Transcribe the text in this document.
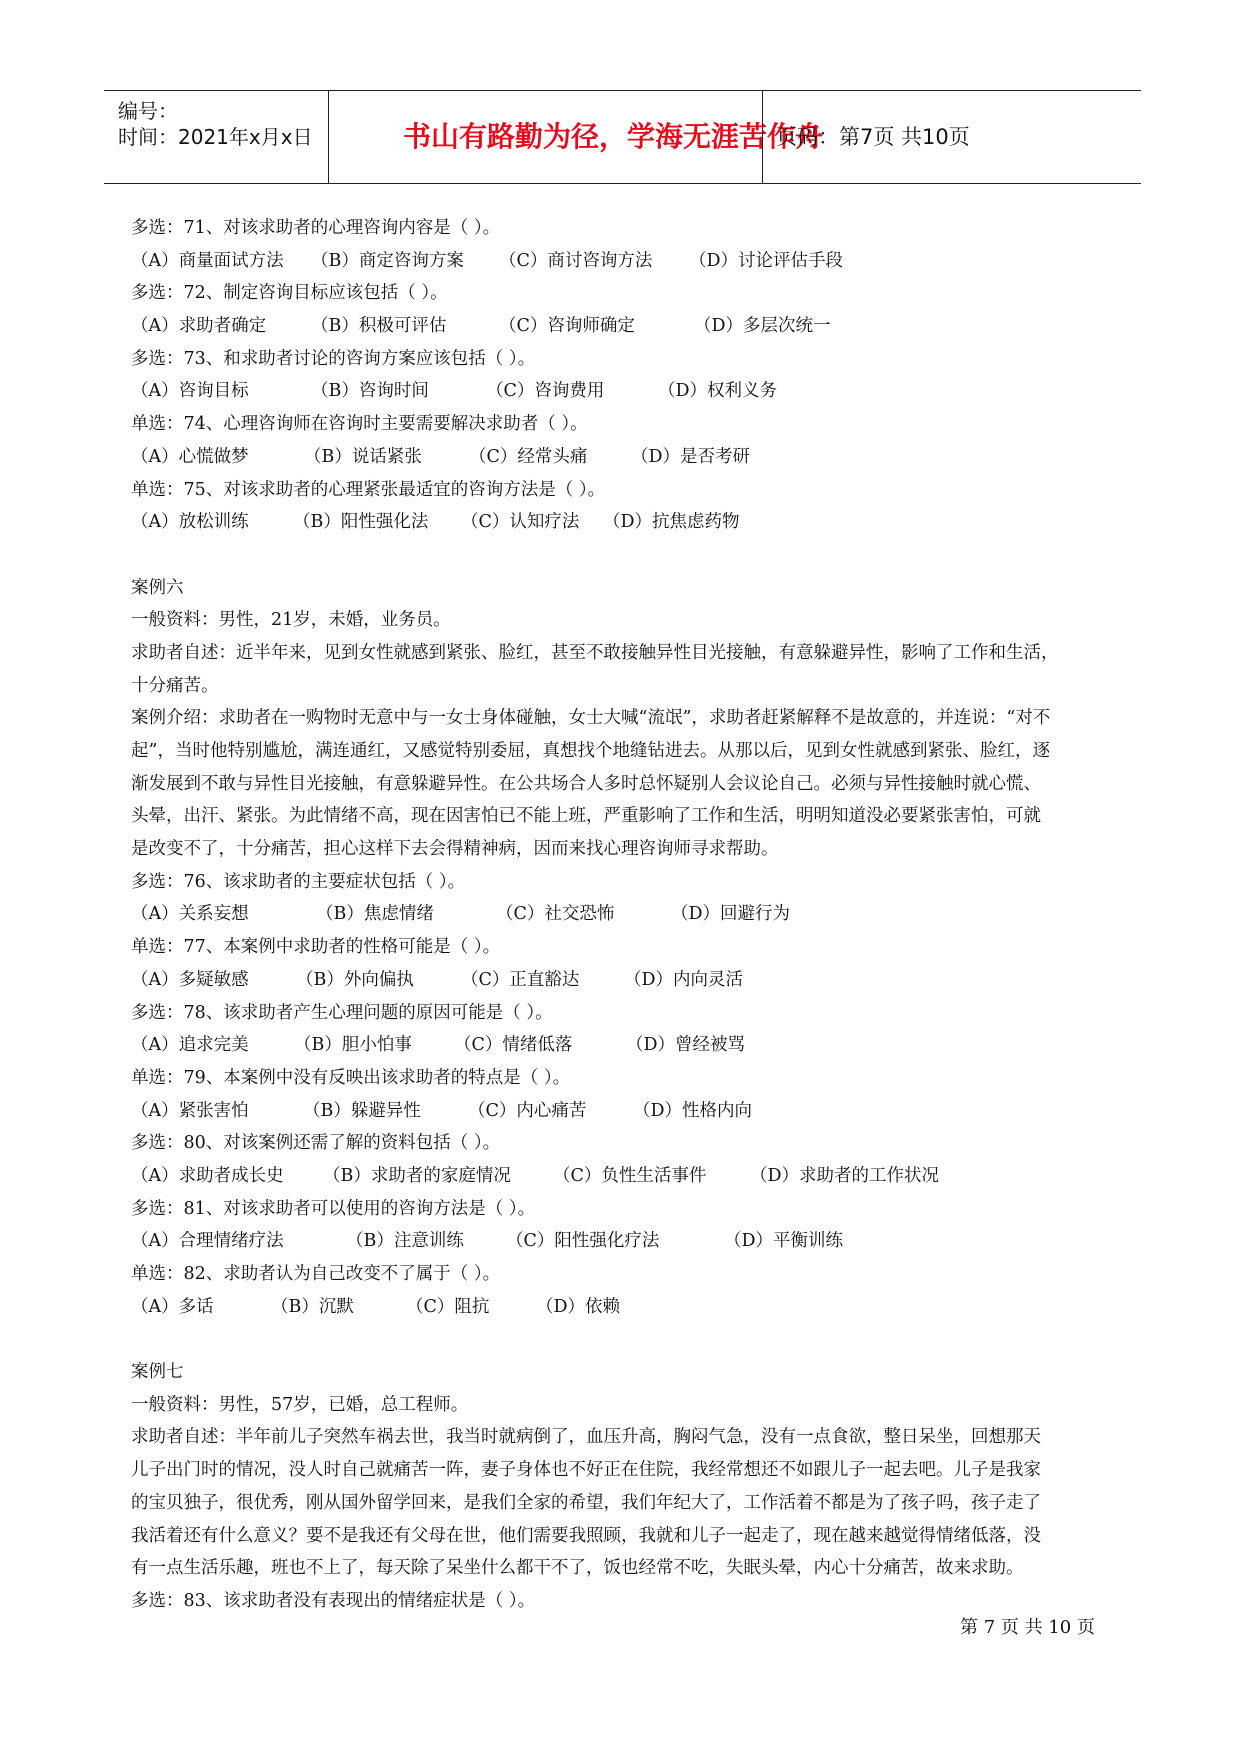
编号：
时间：2021年x月x日	书山有路勤为径，学海无涯苦作舟
页码：第7页 共10页
多选：71、对该求助者的心理咨询内容是（ ）。
（A）商量面试方法	（B）商定咨询方案	（C）商讨咨询方法	（D）讨论评估手段
多选：72、制定咨询目标应该包括（ ）。
（A）求助者确定	（B）积极可评估	（C）咨询师确定	（D）多层次统一
多选：73、和求助者讨论的咨询方案应该包括（ ）。
（A）咨询目标	（B）咨询时间	（C）咨询费用	（D）权利义务
单选：74、心理咨询师在咨询时主要需要解决求助者（ ）。
（A）心慌做梦	（B）说话紧张	（C）经常头痛	（D）是否考研
单选：75、对该求助者的心理紧张最适宜的咨询方法是（ ）。
（A）放松训练	（B）阳性强化法	（C）认知疗法	（D）抗焦虑药物
案例六
一般资料：男性，21岁，未婚，业务员。
求助者自述：近半年来，见到女性就感到紧张、脸红，甚至不敢接触异性目光接触，有意躲避异性，影响了工作和生活，
十分痛苦。
案例介绍：求助者在一购物时无意中与一女士身体碰触，女士大喊“流氓”，求助者赶紧解释不是故意的，并连说：“对不
起”，当时他特别尴尬，满连通红，又感觉特别委屈，真想找个地缝钻进去。从那以后，见到女性就感到紧张、脸红，逐
渐发展到不敢与异性目光接触，有意躲避异性。在公共场合人多时总怀疑别人会议论自己。必须与异性接触时就心慌、
头晕，出汗、紧张。为此情绪不高，现在因害怕已不能上班，严重影响了工作和生活，明明知道没必要紧张害怕，可就
是改变不了，十分痛苦，担心这样下去会得精神病，因而来找心理咨询师寻求帮助。
多选：76、该求助者的主要症状包括（ ）。
（A）关系妄想	（B）焦虑情绪	（C）社交恐怖	（D）回避行为
单选：77、本案例中求助者的性格可能是（ ）。
（A）多疑敏感	（B）外向偏执	（C）正直豁达	（D）内向灵活
多选：78、该求助者产生心理问题的原因可能是（ ）。
（A）追求完美	（B）胆小怕事	（C）情绪低落	（D）曾经被骂
单选：79、本案例中没有反映出该求助者的特点是（ ）。
（A）紧张害怕	（B）躲避异性	（C）内心痛苦	（D）性格内向
多选：80、对该案例还需了解的资料包括（ ）。
（A）求助者成长史	（B）求助者的家庭情况	（C）负性生活事件	（D）求助者的工作状况
多选：81、对该求助者可以使用的咨询方法是（ ）。
（A）合理情绪疗法	（B）注意训练	（C）阳性强化疗法	（D）平衡训练
单选：82、求助者认为自己改变不了属于（ ）。
（A）多话	（B）沉默	（C）阻抗	（D）依赖
案例七
一般资料：男性，57岁，已婚，总工程师。
求助者自述：半年前儿子突然车祸去世，我当时就病倒了，血压升高，胸闷气急，没有一点食欲，整日呆坐，回想那天
儿子出门时的情况，没人时自己就痛苦一阵，妻子身体也不好正在住院，我经常想还不如跟儿子一起去吧。儿子是我家
的宝贝独子，很优秀，刚从国外留学回来，是我们全家的希望，我们年纪大了，工作活着不都是为了孩子吗，孩子走了
我活着还有什么意义？要不是我还有父母在世，他们需要我照顾，我就和儿子一起走了，现在越来越觉得情绪低落，没
有一点生活乐趣，班也不上了，每天除了呆坐什么都干不了，饭也经常不吃，失眠头晕，内心十分痛苦，故来求助。
多选：83、该求助者没有表现出的情绪症状是（ ）。
第 7 页 共 10 页
